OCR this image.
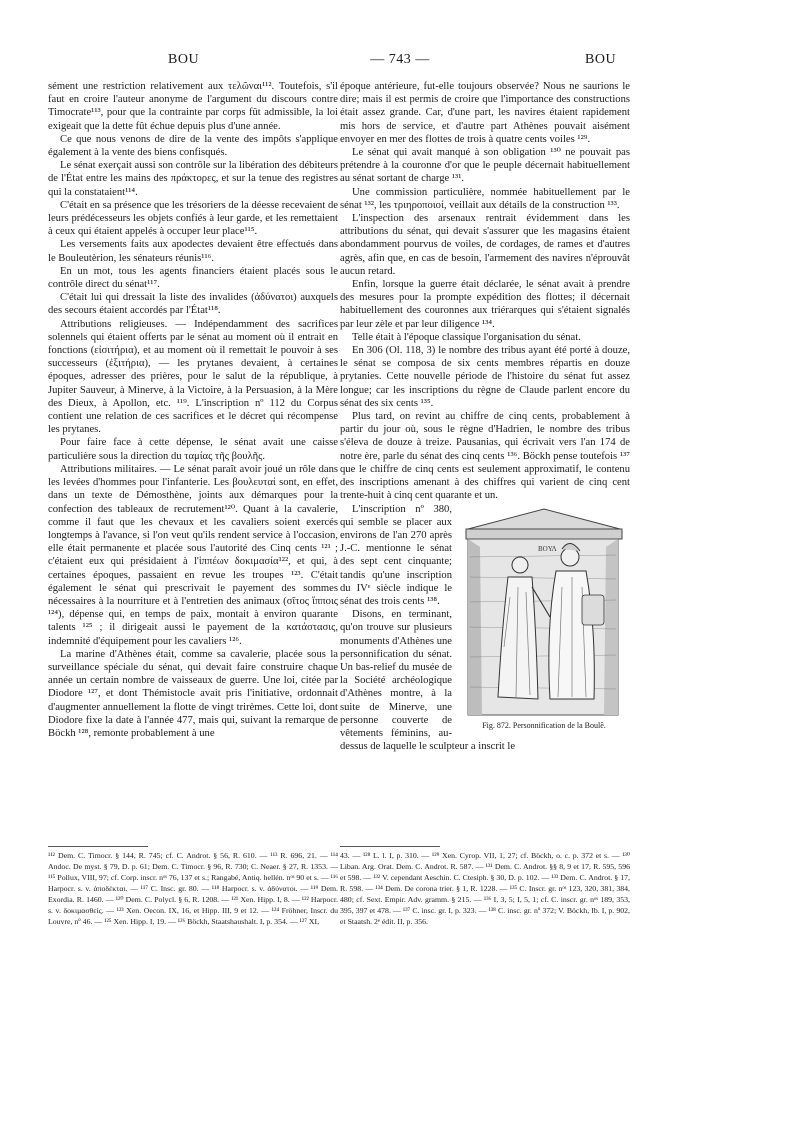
BOU	— 743 —	BOU

sément une restriction relativement aux τελῶναι¹¹². Toutefois, s'il faut en croire l'auteur anonyme de l'argument du discours contre Timocrate¹¹³, pour que la contrainte par corps fût admissible, la loi exigeait que la dette fût échue depuis plus d'une année.

Ce que nous venons de dire de la vente des impôts s'applique également à la vente des biens confisqués.

Le sénat exerçait aussi son contrôle sur la libération des débiteurs de l'État entre les mains des πράκτορες, et sur la tenue des registres qui la constataient¹¹⁴.

C'était en sa présence que les trésoriers de la déesse recevaient de leurs prédécesseurs les objets confiés à leur garde, et les remettaient à ceux qui étaient appelés à occuper leur place¹¹⁵.

Les versements faits aux apodectes devaient être effectués dans le Bouleutèrion, les sénateurs réunis¹¹⁶.

En un mot, tous les agents financiers étaient placés sous le contrôle direct du sénat¹¹⁷.

C'était lui qui dressait la liste des invalides (ἀδύνατοι) auxquels des secours étaient accordés par l'État¹¹⁸.

Attributions religieuses. — Indépendamment des sacrifices solennels qui étaient offerts par le sénat au moment où il entrait en fonctions (εἰσιτήρια), et au moment où il remettait le pouvoir à ses successeurs (ἐξιτήρια), — les prytanes devaient, à certaines époques, adresser des prières, pour le salut de la république, à Jupiter Sauveur, à Minerve, à la Victoire, à la Persuasion, à la Mère des Dieux, à Apollon, etc. ¹¹⁹. L'inscription nº 112 du Corpus contient une relation de ces sacrifices et le décret qui récompense les prytanes.

Pour faire face à cette dépense, le sénat avait une caisse particulière sous la direction du ταμίας τῆς βουλῆς.

Attributions militaires. — Le sénat paraît avoir joué un rôle dans les levées d'hommes pour l'infanterie. Les βουλευταί sont, en effet, dans un texte de Démosthène, joints aux démarques pour la confection des tableaux de recrutement¹²⁰. Quant à la cavalerie, comme il faut que les chevaux et les cavaliers soient exercés longtemps à l'avance, si l'on veut qu'ils rendent service à l'occasion, elle était permanente et placée sous l'autorité des Cinq cents ¹²¹ ; c'étaient eux qui présidaient à l'ἱππέων δοκιμασία¹²², et qui, à certaines époques, passaient en revue les troupes ¹²³. C'était également le sénat qui prescrivait le payement des sommes nécessaires à la nourriture et à l'entretien des animaux (σῖτος ἵπποις ¹²⁴), dépense qui, en temps de paix, montait à environ quarante talents ¹²⁵ ; il dirigeait aussi le payement de la κατάστασις, indemnité d'équipement pour les cavaliers ¹²⁶.

La marine d'Athènes était, comme sa cavalerie, placée sous la surveillance spéciale du sénat, qui devait faire construire chaque année un certain nombre de vaisseaux de guerre. Une loi, citée par Diodore ¹²⁷, et dont Thémistocle avait pris l'initiative, ordonnait d'augmenter annuellement la flotte de vingt trirèmes. Cette loi, dont Diodore fixe la date à l'année 477, mais qui, suivant la remarque de Böckh ¹²⁸, remonte probablement à une

époque antérieure, fut-elle toujours observée? Nous ne saurions le dire; mais il est permis de croire que l'importance des constructions était assez grande. Car, d'une part, les navires étaient rapidement mis hors de service, et d'autre part Athènes pouvait aisément envoyer en mer des flottes de trois à quatre cents voiles ¹²⁹.

Le sénat qui avait manqué à son obligation ¹³⁰ ne pouvait pas prétendre à la couronne d'or que le peuple décernait habituellement au sénat sortant de charge ¹³¹.

Une commission particulière, nommée habituellement par le sénat ¹³², les τριηροποιοί, veillait aux détails de la construction ¹³³.

L'inspection des arsenaux rentrait évidemment dans les attributions du sénat, qui devait s'assurer que les magasins étaient abondamment pourvus de voiles, de cordages, de rames et d'autres agrès, afin que, en cas de besoin, l'armement des navires n'éprouvât aucun retard.

Enfin, lorsque la guerre était déclarée, le sénat avait à prendre des mesures pour la prompte expédition des flottes; il décernait habituellement des couronnes aux triérarques qui s'étaient signalés par leur zèle et par leur diligence ¹³⁴.

Telle était à l'époque classique l'organisation du sénat.

En 306 (Ol. 118, 3) le nombre des tribus ayant été porté à douze, le sénat se composa de six cents membres répartis en douze prytanies. Cette nouvelle période de l'histoire du sénat fut assez longue; car les inscriptions du règne de Claude parlent encore du sénat des six cents ¹³⁵.

Plus tard, on revint au chiffre de cinq cents, probablement à partir du jour où, sous le règne d'Hadrien, le nombre des tribus s'éleva de douze à treize. Pausanias, qui écrivait vers l'an 174 de notre ère, parle du sénat des cinq cents ¹³⁶. Böckh pense toutefois ¹³⁷ que le chiffre de cinq cents est seulement approximatif, le contenu des inscriptions amenant à des chiffres qui varient de cinq cent trente-huit à cinq cent quarante et un.

BOΥΛ
Fig. 872. Personnification de la Boulê.

L'inscription nº 380, qui semble se placer aux environs de l'an 270 après J.-C. mentionne le sénat des sept cent cinquante; tandis qu'une inscription du IVᵉ siècle indique le sénat des trois cents ¹³⁸.

Disons, en terminant, qu'on trouve sur plusieurs monuments d'Athènes une personnification du sénat. Un bas-relief du musée de la Société archéologique d'Athènes montre, à la suite de Minerve, une personne couverte de vêtements féminins, au-dessus de laquelle le sculpteur a inscrit le

¹¹² Dem. C. Timocr. § 144, R. 745; cf. C. Androt. § 56, R. 610. — ¹¹³ R. 696, 21. — ¹¹⁴ Andoc. De myst. § 79, D. p. 61; Dem. C. Timocr. § 96, R. 730; C. Neaer. § 27, R. 1353. — ¹¹⁵ Pollux, VIII, 97; cf. Corp. inscr. nᵒˢ 76, 137 et s.; Rangabé, Antiq. hellén. nᵒˢ 90 et s. — ¹¹⁶ Harpocr. s. v. ἀποδέκται. — ¹¹⁷ C. Insc. gr. 80. — ¹¹⁸ Harpocr. s. v. ἀδύνατοι. — ¹¹⁹ Dem. Exordia. R. 1460. — ¹²⁰ Dem. C. Polycl. § 6, R. 1208. — ¹²¹ Xen. Hipp. I, 8. — ¹²² Harpocr. s. v. δοκιμασθείς. — ¹²³ Xen. Oecon. IX, 16, et Hipp. III, 9 et 12. — ¹²⁴ Fröhner, Inscr. du Louvre, nº 46. — ¹²⁵ Xen. Hipp. I, 19. — ¹²⁶ Böckh, Staatshaushalt. I, p. 354. — ¹²⁷ XI,
43. — ¹²⁸ L. l. I, p. 310. — ¹²⁹ Xen. Cyrop. VII, 1, 27; cf. Böckh, o. c. p. 372 et s. — ¹³⁰ Liban. Arg. Orat. Dem. C. Androt. R. 587. — ¹³¹ Dem. C. Androt. §§ 8, 9 et 17, R. 595, 596 et 598. — ¹³² V. cependant Aeschin. C. Ctesiph. § 30, D. p. 102. — ¹³³ Dem. C. Androt. § 17, R. 598. — ¹³⁴ Dem. De corona trier. § 1, R. 1228. — ¹³⁵ C. Inscr. gr. nᵒˢ 123, 320, 381, 384, 480; cf. Sext. Empir. Adv. gramm. § 215. — ¹³⁶ I, 3, 5; I, 5, 1; cf. C. inscr. gr. nᵒˢ 189, 353, 395, 397 et 478. — ¹³⁷ C. insc. gr. I, p. 323. — ¹³⁸ C. insc. gr. nº 372; V. Böckh, Ib. I, p. 902, et Staatsh. 2ᵉ édit. II, p. 356.
